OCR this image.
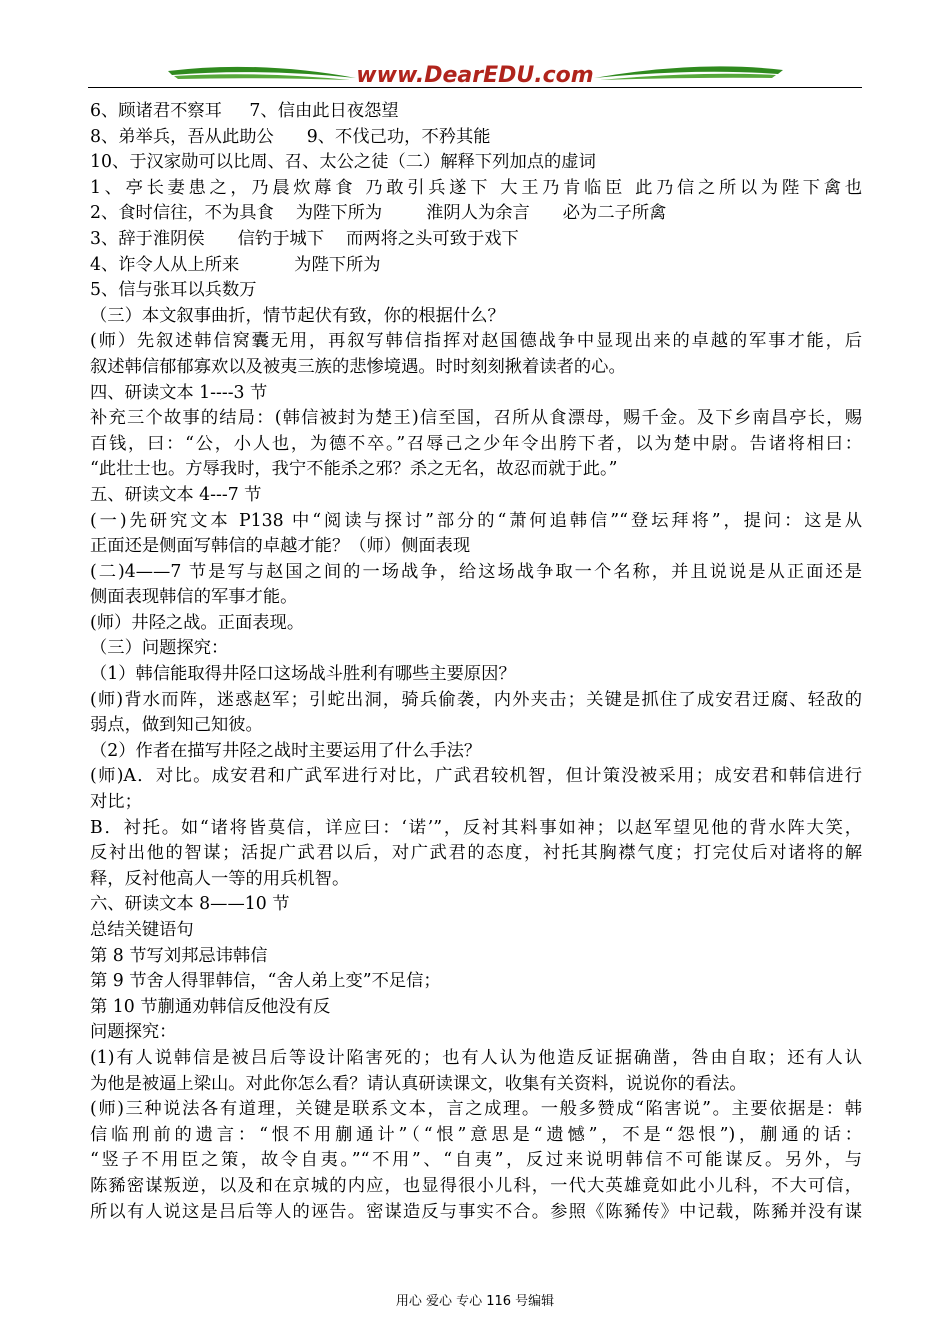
www.DearEDU.com
6、顾诸君不察耳     7、信由此日夜怨望
8、弟举兵，吾从此助公      9、不伐己功，不矜其能
10、于汉家勋可以比周、召、太公之徒（二）解释下列加点的虚词
1、亭长妻患之，乃晨炊蓐食 乃敢引兵遂下 大王乃肯临臣 此乃信之所以为陛下禽也
2、食时信往，不为具食    为陛下所为        淮阴人为余言      必为二子所禽
3、辞于淮阴侯      信钓于城下    而两将之头可致于戏下
4、诈令人从上所来          为陛下所为
5、信与张耳以兵数万
（三）本文叙事曲折，情节起伏有致，你的根据什么？
(师）先叙述韩信窝囊无用，再叙写韩信指挥对赵国德战争中显现出来的卓越的军事才能，后
叙述韩信郁郁寡欢以及被夷三族的悲惨境遇。时时刻刻揪着读者的心。
四、研读文本 1----3 节
补充三个故事的结局：(韩信被封为楚王)信至国，召所从食漂母，赐千金。及下乡南昌亭长，赐
百钱，曰：“公，小人也，为德不卒。”召辱己之少年令出胯下者，以为楚中尉。告诸将相曰：
“此壮士也。方辱我时，我宁不能杀之邪？杀之无名，故忍而就于此。”
五、研读文本 4---7 节
(一)先研究文本 P138 中“阅读与探讨”部分的“萧何追韩信”“登坛拜将”，提问：这是从
正面还是侧面写韩信的卓越才能？（师）侧面表现
(二)4——7 节是写与赵国之间的一场战争，给这场战争取一个名称，并且说说是从正面还是
侧面表现韩信的军事才能。
(师）井陉之战。正面表现。
（三）问题探究：
（1）韩信能取得井陉口这场战斗胜利有哪些主要原因？
(师)背水而阵，迷惑赵军；引蛇出洞，骑兵偷袭，内外夹击；关键是抓住了成安君迂腐、轻敌的
弱点，做到知己知彼。
（2）作者在描写井陉之战时主要运用了什么手法？
(师)A．对比。成安君和广武军进行对比，广武君较机智，但计策没被采用；成安君和韩信进行
对比；
B．衬托。如“诸将皆莫信，详应曰：‘诺’”，反衬其料事如神；以赵军望见他的背水阵大笑，
反衬出他的智谋；活捉广武君以后，对广武君的态度，衬托其胸襟气度；打完仗后对诸将的解
释，反衬他高人一等的用兵机智。
六、研读文本 8——10 节
总结关键语句
第 8 节写刘邦忌讳韩信
第 9 节舍人得罪韩信，“舍人弟上变”不足信；
第 10 节蒯通劝韩信反他没有反
问题探究：
(1)有人说韩信是被吕后等设计陷害死的；也有人认为他造反证据确凿，咎由自取；还有人认
为他是被逼上梁山。对此你怎么看？请认真研读课文，收集有关资料，说说你的看法。
(师)三种说法各有道理，关键是联系文本，言之成理。一般多赞成“陷害说”。主要依据是：韩
信临刑前的遗言：“恨不用蒯通计”（“恨”意思是“遗憾”，不是“怨恨”)，蒯通的话：
“竖子不用臣之策，故令自夷。”“不用”、“自夷”，反过来说明韩信不可能谋反。另外，与
陈豨密谋叛逆，以及和在京城的内应，也显得很小儿科，一代大英雄竟如此小儿科，不大可信，
所以有人说这是吕后等人的诬告。密谋造反与事实不合。参照《陈豨传》中记载，陈豨并没有谋
用心 爱心 专心 116 号编辑
